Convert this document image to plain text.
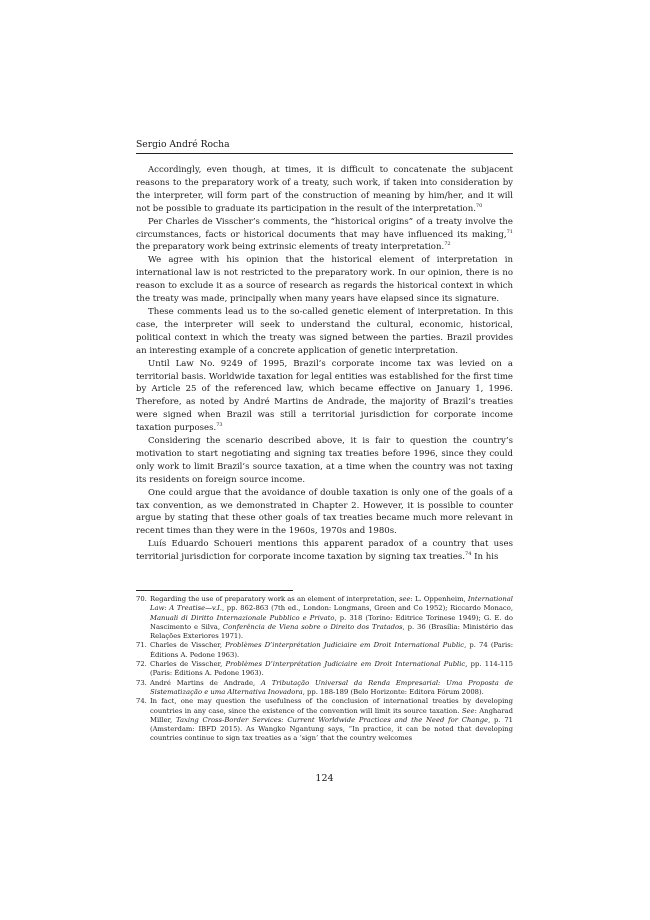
Sergio André Rocha

Accordingly, even though, at times, it is difficult to concatenate the subjacent reasons to the preparatory work of a treaty, such work, if taken into consideration by the interpreter, will form part of the construction of meaning by him/her, and it will not be possible to graduate its participation in the result of the interpretation.$^{70}$

Per Charles de Visscher’s comments, the “historical origins” of a treaty involve the circumstances, facts or historical documents that may have influenced its making,$^{71}$ the preparatory work being extrinsic elements of treaty interpretation.$^{72}$

We agree with his opinion that the historical element of interpretation in international law is not restricted to the preparatory work. In our opinion, there is no reason to exclude it as a source of research as regards the historical context in which the treaty was made, principally when many years have elapsed since its signature.

These comments lead us to the so-called genetic element of interpretation. In this case, the interpreter will seek to understand the cultural, economic, historical, political context in which the treaty was signed between the parties. Brazil provides an interesting example of a concrete application of genetic interpretation.

Until Law No. 9249 of 1995, Brazil’s corporate income tax was levied on a territorial basis. Worldwide taxation for legal entities was established for the first time by Article 25 of the referenced law, which became effective on January 1, 1996. Therefore, as noted by André Martins de Andrade, the majority of Brazil’s treaties were signed when Brazil was still a territorial jurisdiction for corporate income taxation purposes.$^{73}$

Considering the scenario described above, it is fair to question the country’s motivation to start negotiating and signing tax treaties before 1996, since they could only work to limit Brazil’s source taxation, at a time when the country was not taxing its residents on foreign source income.

One could argue that the avoidance of double taxation is only one of the goals of a tax convention, as we demonstrated in Chapter 2. However, it is possible to counter argue by stating that these other goals of tax treaties became much more relevant in recent times than they were in the 1960s, 1970s and 1980s.

Luís Eduardo Schoueri mentions this apparent paradox of a country that uses territorial jurisdiction for corporate income taxation by signing tax treaties.$^{74}$ In his

70. Regarding the use of preparatory work as an element of interpretation, see: L. Oppenheim, International Law: A Treatise—v.I., pp. 862-863 (7th ed., London: Longmans, Green and Co 1952); Riccardo Monaco, Manuali di Diritto Internazionale Pubblico e Privato, p. 318 (Torino: Editrice Torinese 1949); G. E. do Nascimento e Silva, Conferência de Viena sobre o Direito dos Tratados, p. 36 (Brasília: Ministério das Relações Exteriores 1971).
71. Charles de Visscher, Problèmes D’interprétation Judiciaire em Droit International Public, p. 74 (Paris: Éditions A. Pedone 1963).
72. Charles de Visscher, Problèmes D’interprétation Judiciaire em Droit International Public, pp. 114-115 (Paris: Éditions A. Pedone 1963).
73. André Martins de Andrade, A Tributação Universal da Renda Empresarial: Uma Proposta de Sistematização e uma Alternativa Inovadora, pp. 188-189 (Belo Horizonte: Editora Fórum 2008).
74. In fact, one may question the usefulness of the conclusion of international treaties by developing countries in any case, since the existence of the convention will limit its source taxation. See: Angharad Miller, Taxing Cross-Border Services: Current Worldwide Practices and the Need for Change, p. 71 (Amsterdam: IBFD 2015). As Wangko Ngantung says, “In practice, it can be noted that developing countries continue to sign tax treaties as a ‘sign’ that the country welcomes
124
